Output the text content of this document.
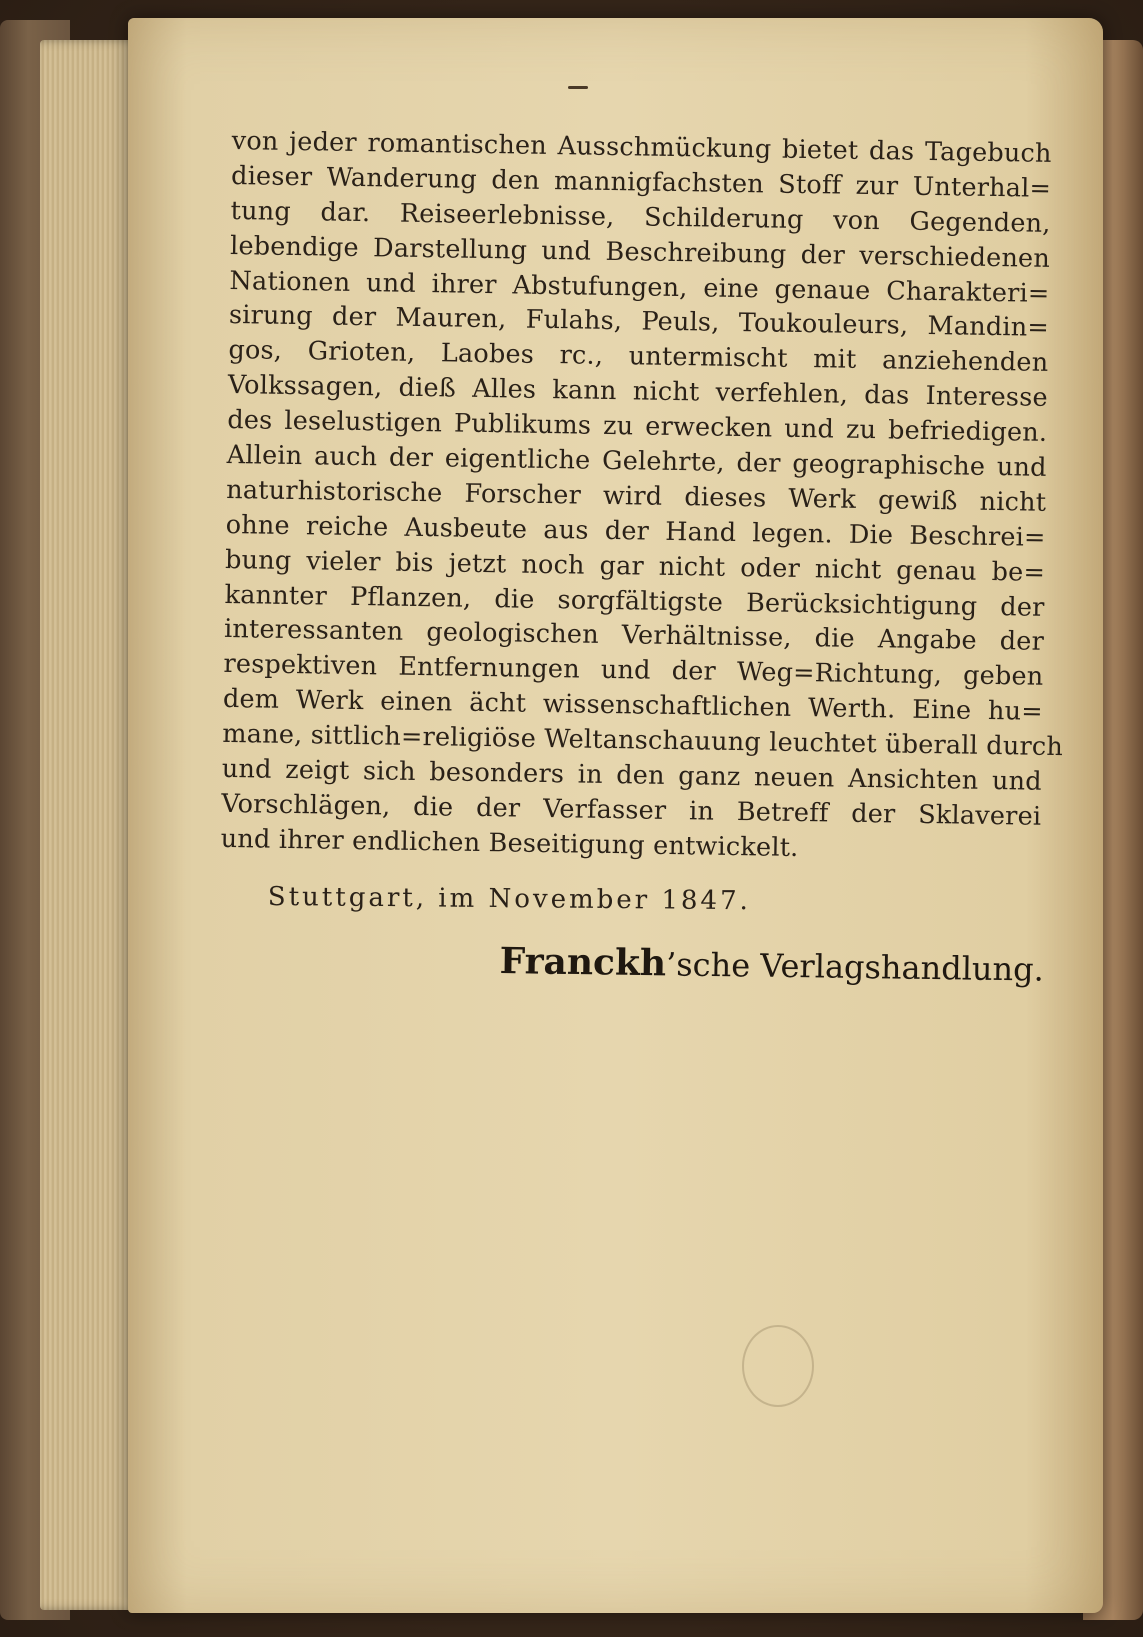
von jeder romantischen Ausschmückung bietet das Tagebuch
dieser Wanderung den mannigfachsten Stoff zur Unterhal=
tung dar. Reiseerlebnisse, Schilderung von Gegenden,
lebendige Darstellung und Beschreibung der verschiedenen
Nationen und ihrer Abstufungen, eine genaue Charakteri=
sirung der Mauren, Fulahs, Peuls, Toukouleurs, Mandin=
gos, Grioten, Laobes rc., untermischt mit anziehenden
Volkssagen, dieß Alles kann nicht verfehlen, das Interesse
des leselustigen Publikums zu erwecken und zu befriedigen.
Allein auch der eigentliche Gelehrte, der geographische und
naturhistorische Forscher wird dieses Werk gewiß nicht
ohne reiche Ausbeute aus der Hand legen. Die Beschrei=
bung vieler bis jetzt noch gar nicht oder nicht genau be=
kannter Pflanzen, die sorgfältigste Berücksichtigung der
interessanten geologischen Verhältnisse, die Angabe der
respektiven Entfernungen und der Weg=Richtung, geben
dem Werk einen ächt wissenschaftlichen Werth. Eine hu=
mane, sittlich=religiöse Weltanschauung leuchtet überall durch
und zeigt sich besonders in den ganz neuen Ansichten und
Vorschlägen, die der Verfasser in Betreff der Sklaverei
und ihrer endlichen Beseitigung entwickelt.
Stuttgart, im November 1847.
Franckh’sche Verlagshandlung.
